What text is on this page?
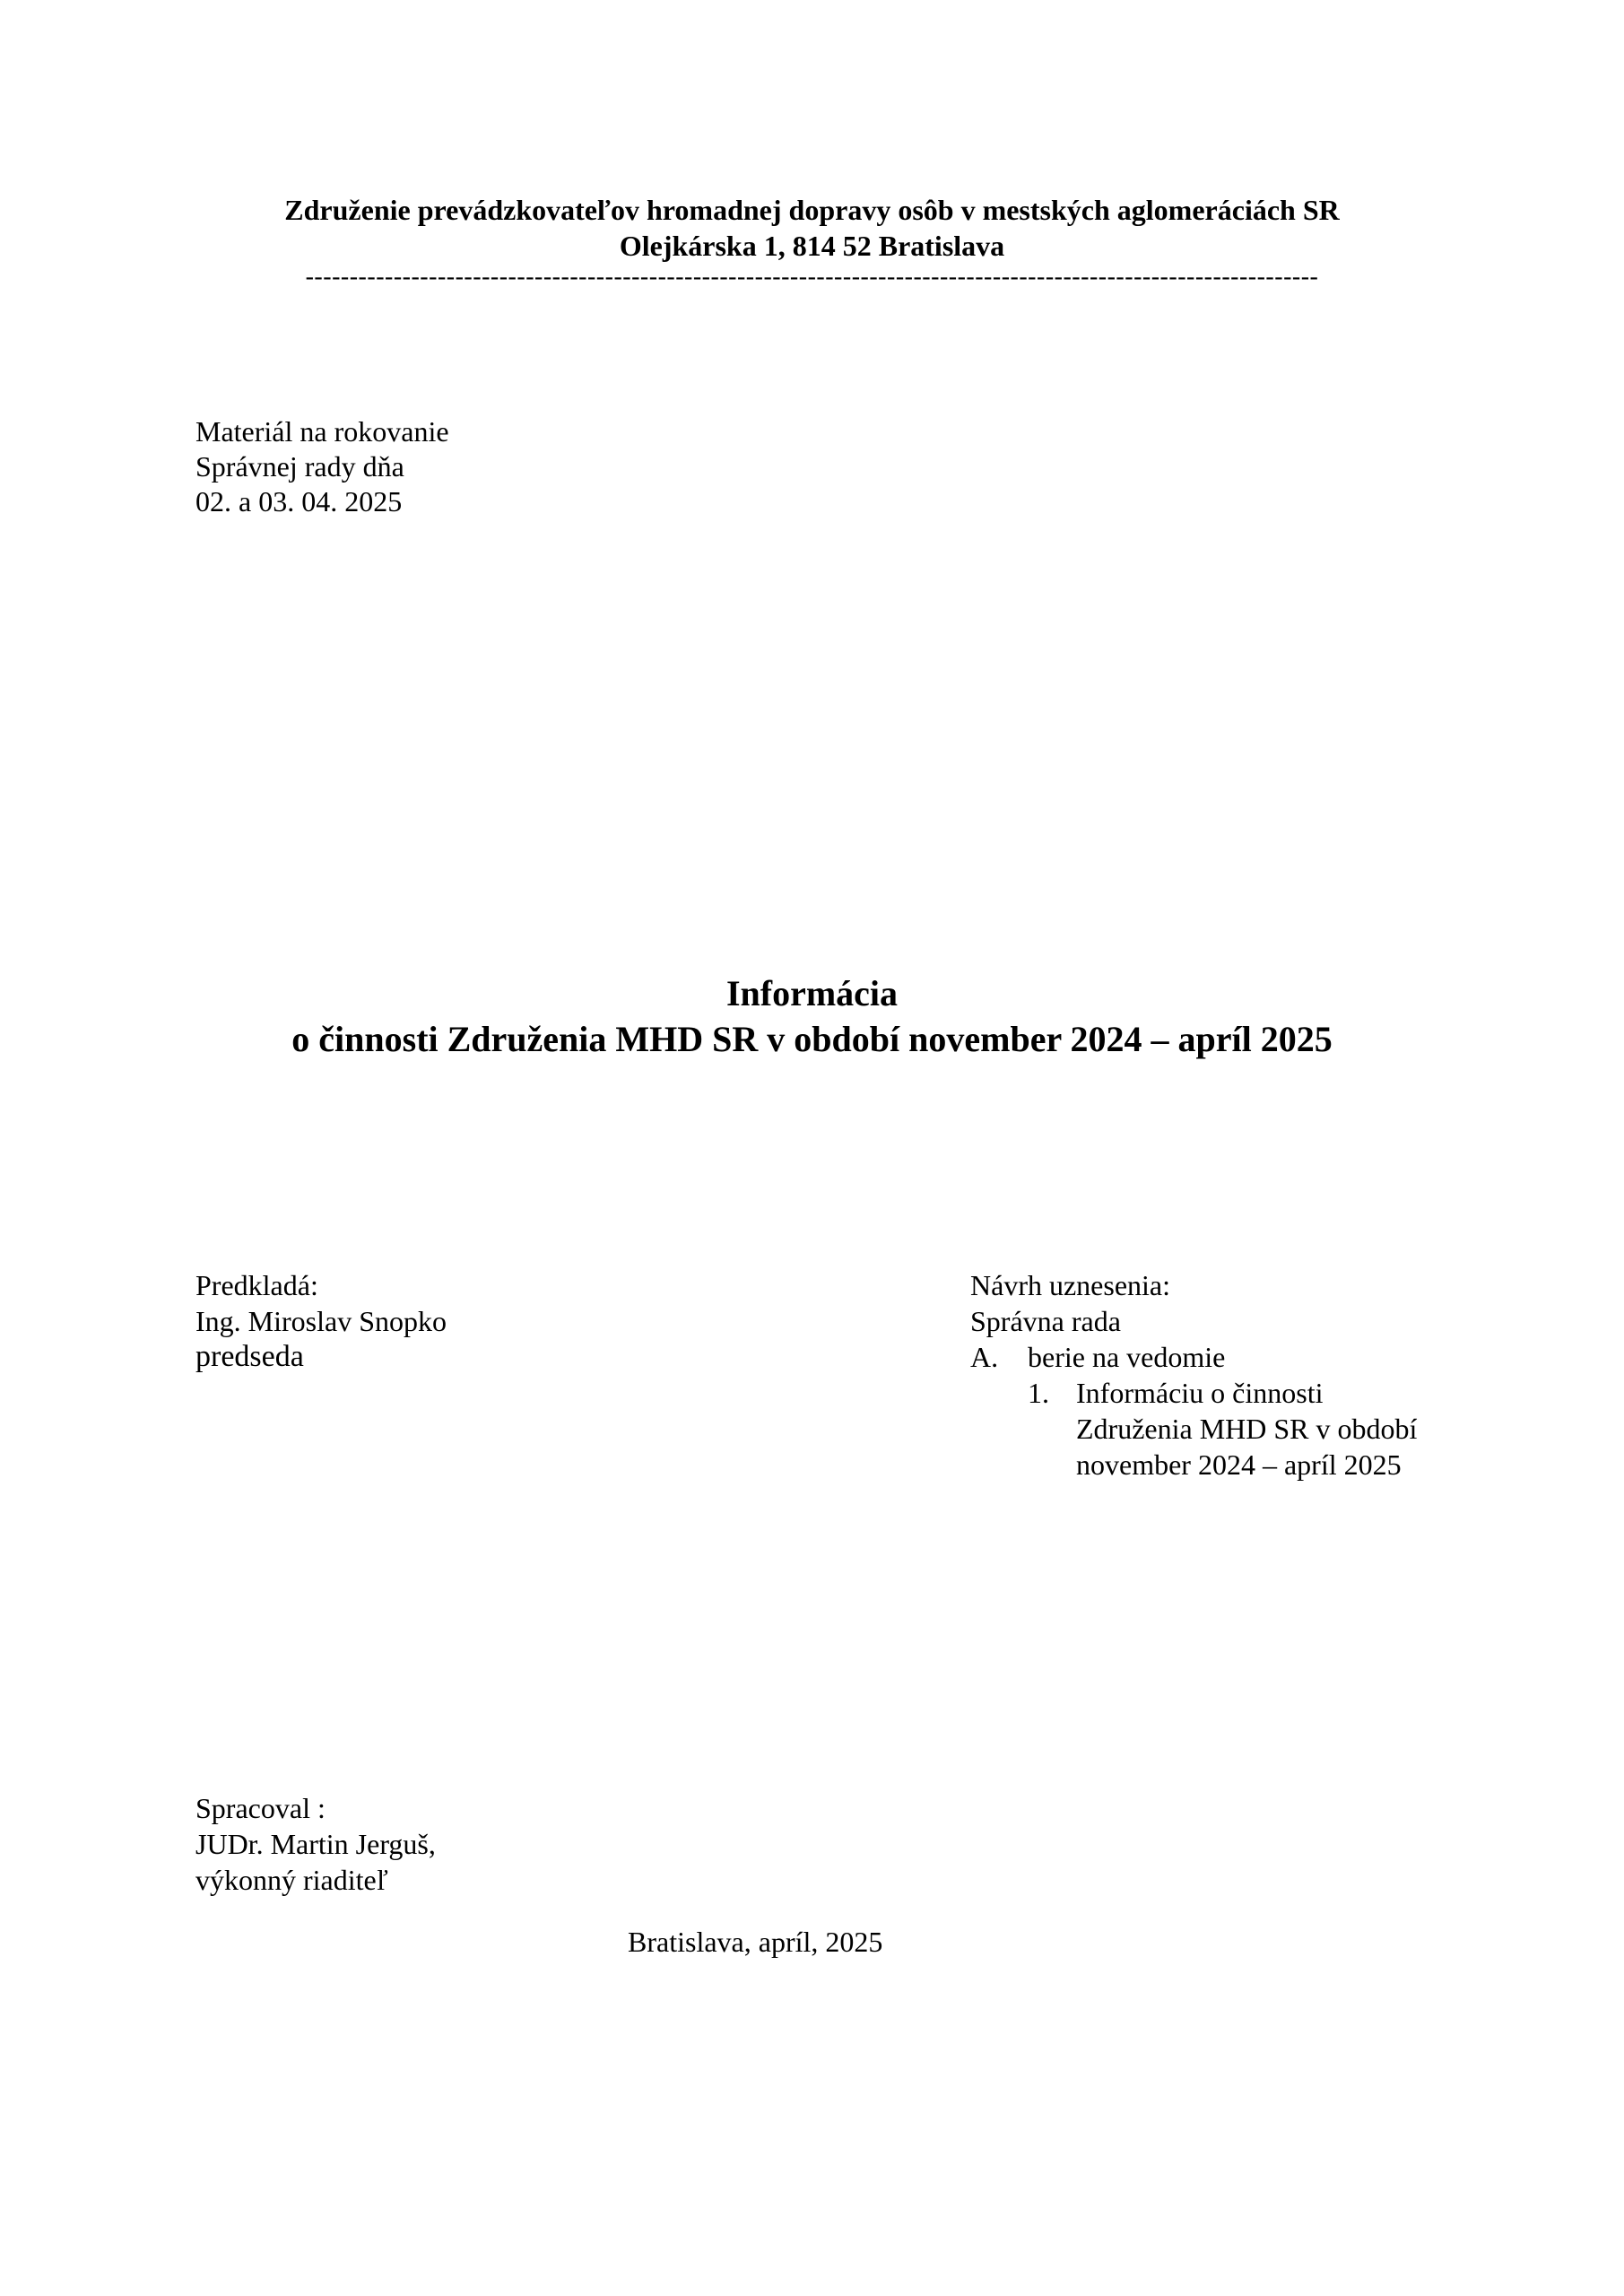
Združenie prevádzkovateľov hromadnej dopravy osôb v mestských aglomeráciách SR
Olejkárska 1, 814 52 Bratislava
-------------------------------------------------------------------------------------------------------------------
Materiál na rokovanie
Správnej rady dňa
02. a 03. 04. 2025
Informácia
o činnosti Združenia MHD SR v období november 2024 – apríl 2025
Predkladá:
Ing. Miroslav Snopko
predseda
Návrh uznesenia:
Správna rada
A. berie na vedomie
1. Informáciu o činnosti
Združenia MHD SR v období
november 2024 – apríl 2025
Spracoval :
JUDr. Martin Jerguš,
výkonný riaditeľ
Bratislava, apríl, 2025
